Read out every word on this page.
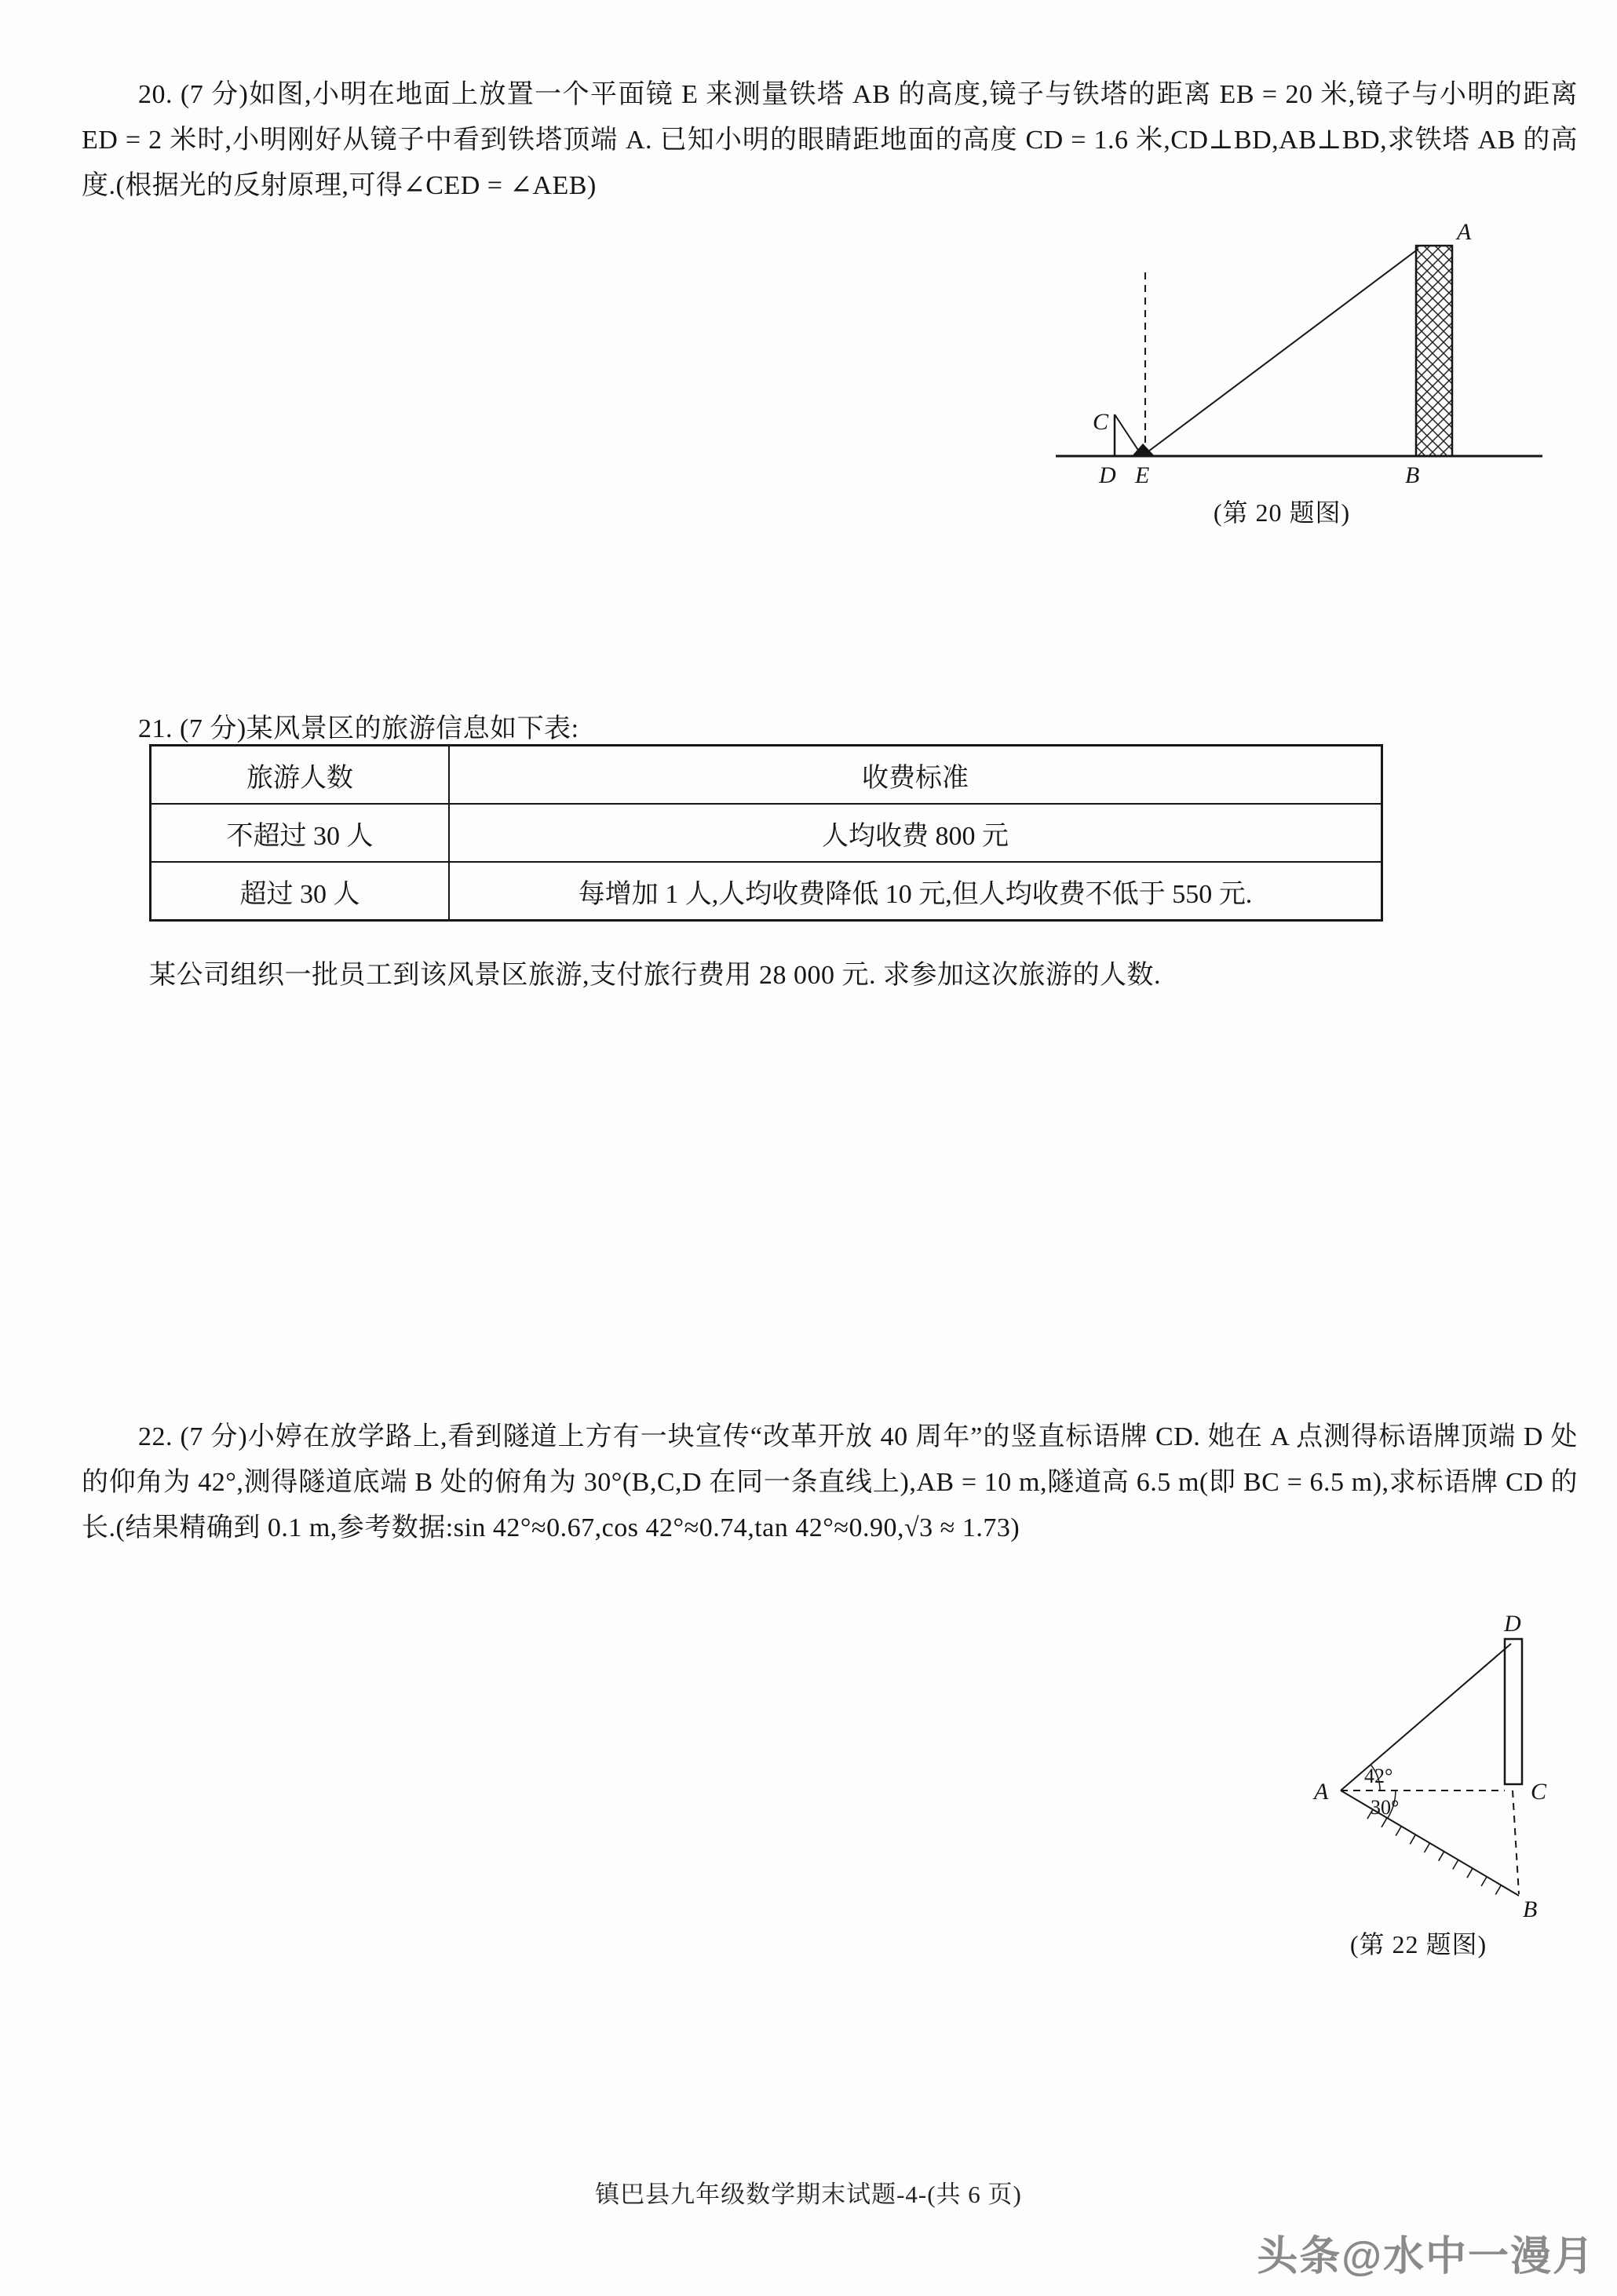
20. (7 分)如图,小明在地面上放置一个平面镜 E 来测量铁塔 AB 的高度,镜子与铁塔的距离 EB = 20 米,镜子与小明的距离 ED = 2 米时,小明刚好从镜子中看到铁塔顶端 A. 已知小明的眼睛距地面的高度 CD = 1.6 米,CD⊥BD,AB⊥BD,求铁塔 AB 的高度.(根据光的反射原理,可得∠CED = ∠AEB)

A
B
C
D E
(第 20 题图)

21. (7 分)某风景区的旅游信息如下表:

旅游人数	收费标准
不超过 30 人	人均收费 800 元
超过 30 人	每增加 1 人,人均收费降低 10 元,但人均收费不低于 550 元.

某公司组织一批员工到该风景区旅游,支付旅行费用 28 000 元. 求参加这次旅游的人数.

22. (7 分)小婷在放学路上,看到隧道上方有一块宣传“改革开放 40 周年”的竖直标语牌 CD. 她在 A 点测得标语牌顶端 D 处的仰角为 42°,测得隧道底端 B 处的俯角为 30°(B,C,D 在同一条直线上),AB = 10 m,隧道高 6.5 m(即 BC = 6.5 m),求标语牌 CD 的长.(结果精确到 0.1 m,参考数据:sin 42°≈0.67,cos 42°≈0.74,tan 42°≈0.90,√3 ≈ 1.73)

D
C
A
B
42°
30°
(第 22 题图)
镇巴县九年级数学期末试题-4-(共 6 页)
头条@水中一漫月
